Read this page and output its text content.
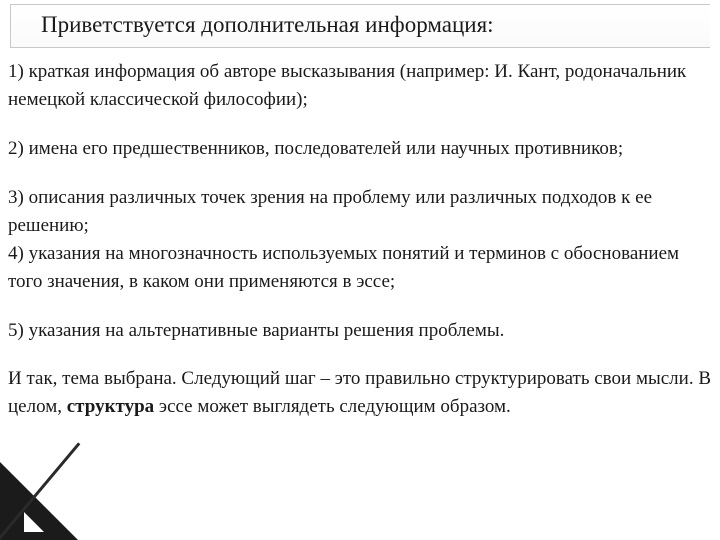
Приветствуется дополнительная информация:

1) краткая информация об авторе высказывания (например: И. Кант, родоначальник немецкой классической философии);

2) имена его предшественников, последователей или научных противников;

3) описания различных точек зрения на проблему или различных подходов к ее решению;

4) указания на многозначность используемых понятий и терминов с обоснованием того значения, в каком они применяются в эссе;

5) указания на альтернативные варианты решения проблемы.

И так, тема выбрана. Следующий шаг – это правильно структурировать свои мысли. В целом, структура эссе может выглядеть следующим образом.
